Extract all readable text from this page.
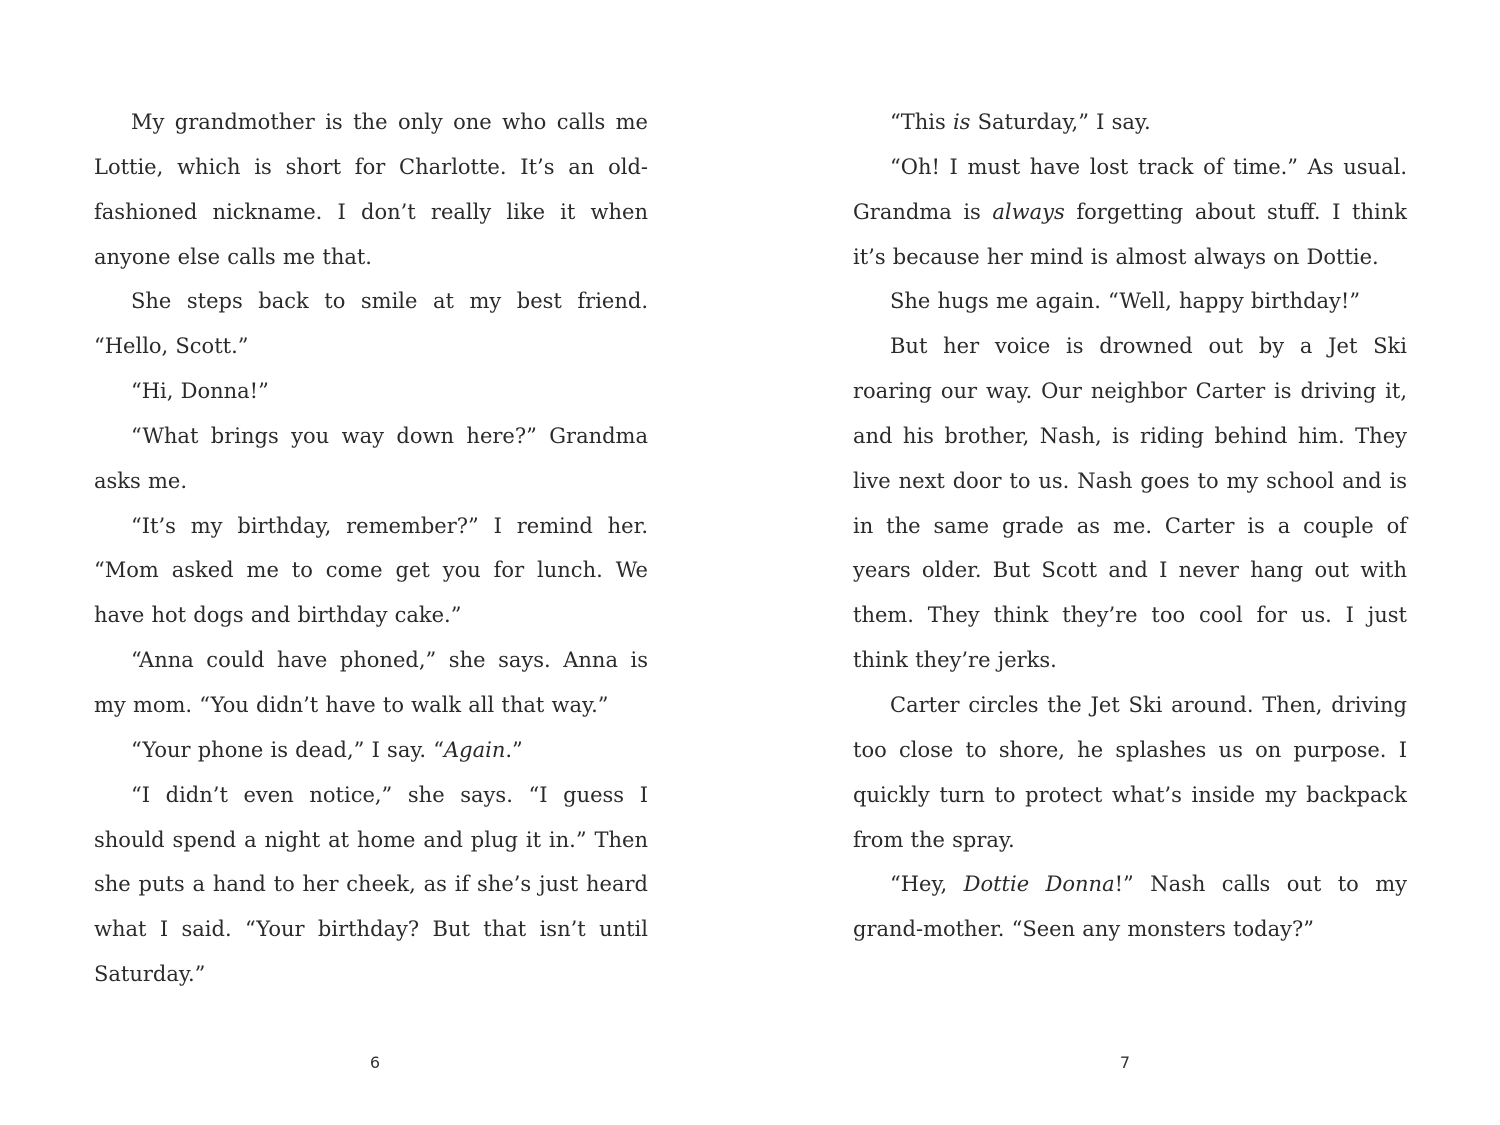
My grandmother is the only one who calls me Lottie, which is short for Charlotte. It’s an old-fashioned nickname. I don’t really like it when anyone else calls me that.

She steps back to smile at my best friend. “Hello, Scott.”

“Hi, Donna!”

“What brings you way down here?” Grandma asks me.

“It’s my birthday, remember?” I remind her. “Mom asked me to come get you for lunch. We have hot dogs and birthday cake.”

“Anna could have phoned,” she says. Anna is my mom. “You didn’t have to walk all that way.”

“Your phone is dead,” I say. “Again.”

“I didn’t even notice,” she says. “I guess I should spend a night at home and plug it in.” Then she puts a hand to her cheek, as if she’s just heard what I said. “Your birthday? But that isn’t until Saturday.”

6

“This is Saturday,” I say.

“Oh! I must have lost track of time.” As usual. Grandma is always forgetting about stuff. I think it’s because her mind is almost always on Dottie.

She hugs me again. “Well, happy birthday!”

But her voice is drowned out by a Jet Ski roaring our way. Our neighbor Carter is driving it, and his brother, Nash, is riding behind him. They live next door to us. Nash goes to my school and is in the same grade as me. Carter is a couple of years older. But Scott and I never hang out with them. They think they’re too cool for us. I just think they’re jerks.

Carter circles the Jet Ski around. Then, driving too close to shore, he splashes us on purpose. I quickly turn to protect what’s inside my backpack from the spray.

“Hey, Dottie Donna!” Nash calls out to my grand-mother. “Seen any monsters today?”

7
